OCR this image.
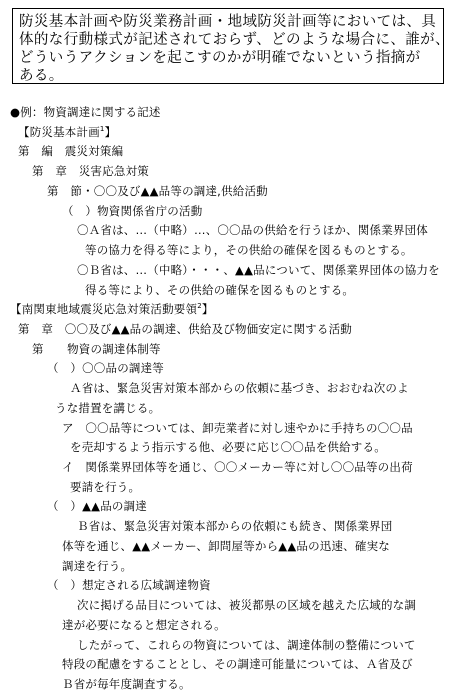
防災基本計画や防災業務計画・地域防災計画等においては、具
体的な行動様式が記述されておらず、どのような場合に、誰が、
どういうアクションを起こすのかが明確でないという指摘が
ある。
●例：物資調達に関する記述
【防災基本計画$^1$】
第　編　震災対策編
第　章　災害応急対策
第　節・〇〇及び▲▲品等の調達,供給活動
（　）物資関係省庁の活動
〇Ａ省は、…（中略）…、〇〇品の供給を行うほか、関係業界団体
等の協力を得る等により，その供給の確保を図るものとする。
〇Ｂ省は、…（中略）・・・、▲▲品について、関係業界団体の協力を
得る等により、その供給の確保を図るものとする。
【南関東地域震災応急対策活動要領$^2$】
第　章　〇〇及び▲▲品の調達、供給及び物価安定に関する活動
第　　物資の調達体制等
（　）〇〇品の調達等
Ａ省は、緊急災害対策本部からの依頼に基づき、おおむね次のよ
うな措置を講じる。
ア　〇〇品等については、卸売業者に対し速やかに手持ちの〇〇品
を売却するよう指示する他、必要に応じ〇〇品を供給する。
イ　関係業界団体等を通じ、〇〇メーカー等に対し〇〇品等の出荷
要請を行う。
（　）▲▲品の調達
Ｂ省は、緊急災害対策本部からの依頼にも続き、関係業界団
体等を通じ、▲▲メーカー、卸問屋等から▲▲品の迅速、確実な
調達を行う。
（　）想定される広域調達物資
次に掲げる品目については、被災都県の区域を越えた広域的な調
達が必要になると想定される。
したがって、これらの物資については、調達体制の整備について
特段の配慮をすることとし、その調達可能量については、Ａ省及び
Ｂ省が毎年度調査する。
